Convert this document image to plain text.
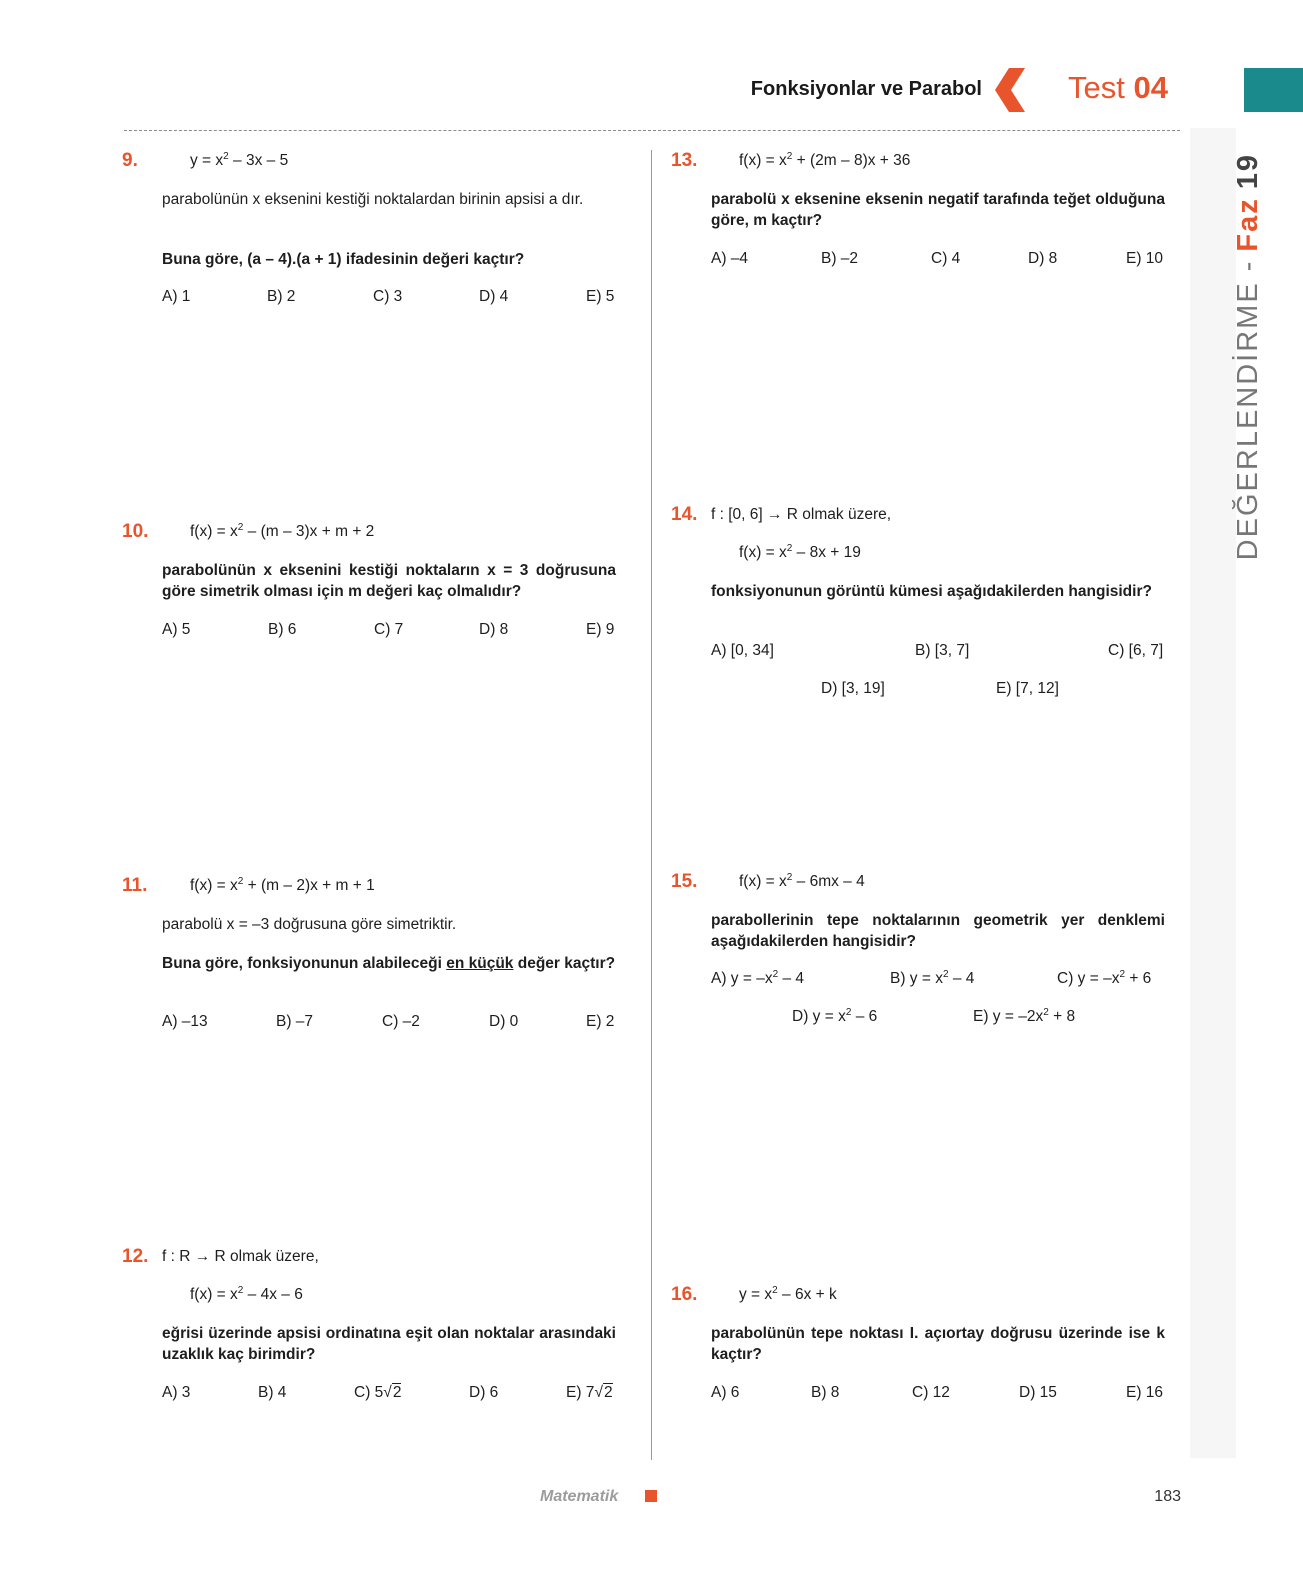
Fonksiyonlar ve Parabol	Test 04
DEĞERLENDİRME -
Faz
19
9.	$y = x^2 - 3x - 5$
parabolünün x eksenini kestiği noktalardan birinin apsisi a dır.
Buna göre, (a – 4).(a + 1) ifadesinin değeri kaçtır?
A) 1	B) 2	C) 3	D) 4	E) 5
10.	$f(x) = x^2 - (m - 3)x + m + 2$
parabolünün x eksenini kestiği noktaların x = 3 doğrusuna göre simetrik olması için m değeri kaç olmalıdır?
A) 5	B) 6	C) 7	D) 8	E) 9
11.	$f(x) = x^2 + (m - 2)x + m + 1$
parabolü x = –3 doğrusuna göre simetriktir.
Buna göre, fonksiyonunun alabileceği en küçük değer kaçtır?
A) –13	B) –7	C) –2	D) 0	E) 2
12. f : R → R olmak üzere,
$f(x) = x^2 - 4x - 6$
eğrisi üzerinde apsisi ordinatına eşit olan noktalar arasındaki uzaklık kaç birimdir?
A) 3	B) 4	C) 5√2	D) 6	E) 7√2
13.	$f(x) = x^2 + (2m - 8)x + 36$
parabolü x eksenine eksenin negatif tarafında teğet olduğuna göre, m kaçtır?
A) –4	B) –2	C) 4	D) 8	E) 10
14. f : [0, 6] → R olmak üzere,
$f(x) = x^2 - 8x + 19$
fonksiyonunun görüntü kümesi aşağıdakilerden hangisidir?
A) [0, 34]	B) [3, 7]	C) [6, 7]
D) [3, 19]	E) [7, 12]
15.	$f(x) = x^2 - 6mx - 4$
parabollerinin tepe noktalarının geometrik yer denklemi aşağıdakilerden hangisidir?
A) $y = -x^2 - 4$	B) $y = x^2 - 4$	C) $y = -x^2 + 6$
D) $y = x^2 - 6$	E) $y = -2x^2 + 8$
16.	$y = x^2 - 6x + k$
parabolünün tepe noktası I. açıortay doğrusu üzerinde ise k kaçtır?
A) 6	B) 8	C) 12	D) 15	E) 16
Matematik	183
